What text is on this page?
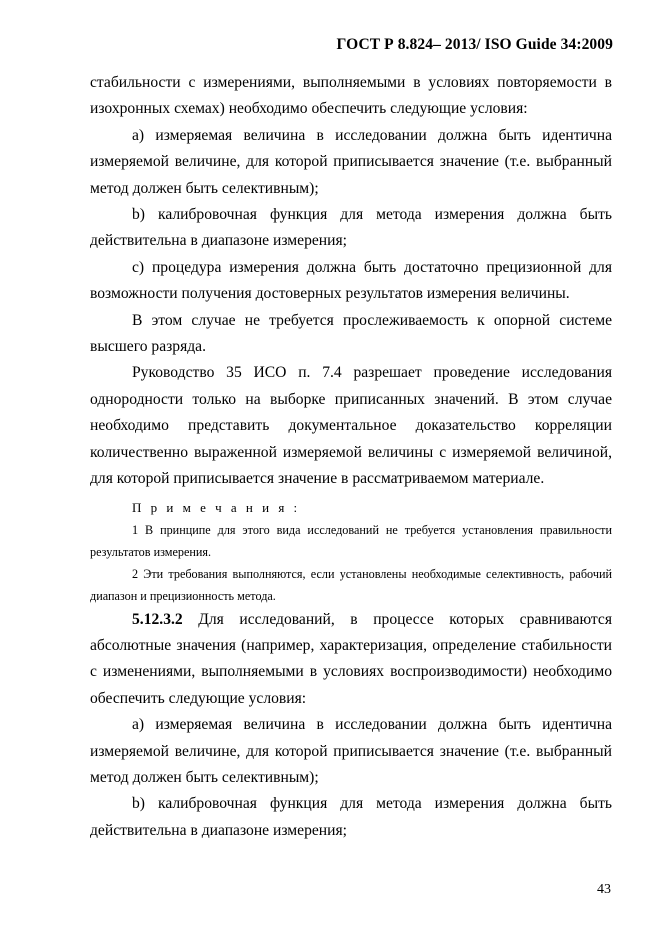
ГОСТ Р 8.824– 2013/ ISO Guide 34:2009

стабильности с измерениями, выполняемыми в условиях повторяемости в изохронных схемах) необходимо обеспечить следующие условия:

a) измеряемая величина в исследовании должна быть идентична измеряемой величине, для которой приписывается значение (т.е. выбранный метод должен быть селективным);

b) калибровочная функция для метода измерения должна быть действительна в диапазоне измерения;

с) процедура измерения должна быть достаточно прецизионной для возможности получения достоверных результатов измерения величины.

В этом случае не требуется прослеживаемость к опорной системе высшего разряда.

Руководство 35 ИСО п. 7.4 разрешает проведение исследования однородности только на выборке приписанных значений. В этом случае необходимо представить документальное доказательство корреляции количественно выраженной измеряемой величины с измеряемой величиной, для которой приписывается значение в рассматриваемом материале.

П р и м е ч а н и я :

1 В принципе для этого вида исследований не требуется установления правильности результатов измерения.

2 Эти требования выполняются, если установлены необходимые селективность, рабочий диапазон и прецизионность метода.

5.12.3.2 Для исследований, в процессе которых сравниваются абсолютные значения (например, характеризация, определение стабильности с изменениями, выполняемыми в условиях воспроизводимости) необходимо обеспечить следующие условия:

a) измеряемая величина в исследовании должна быть идентична измеряемой величине, для которой приписывается значение (т.е. выбранный метод должен быть селективным);

b) калибровочная функция для метода измерения должна быть действительна в диапазоне измерения;

43
